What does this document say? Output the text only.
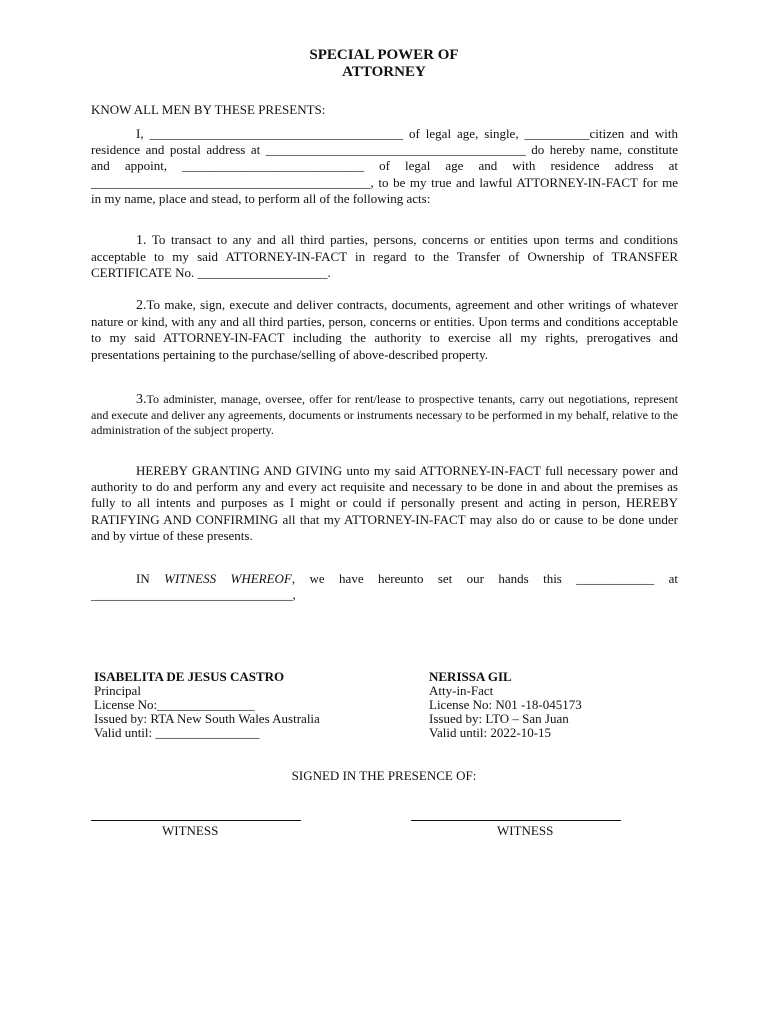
SPECIAL POWER OF
ATTORNEY
KNOW ALL MEN BY THESE PRESENTS:
I, _______________________________________ of legal age, single, __________citizen and with residence and postal address at ________________________________________ do hereby name, constitute and appoint, ____________________________ of legal age and with residence address at ___________________________________________, to be my true and lawful ATTORNEY-IN-FACT for me in my name, place and stead, to perform all of the following acts:
1. To transact to any and all third parties, persons, concerns or entities upon terms and conditions acceptable to my said ATTORNEY-IN-FACT in regard to the Transfer of Ownership of TRANSFER CERTIFICATE No. ____________________.
2.To make, sign, execute and deliver contracts, documents, agreement and other writings of whatever nature or kind, with any and all third parties, person, concerns or entities. Upon terms and conditions acceptable to my said ATTORNEY-IN-FACT including the authority to exercise all my rights, prerogatives and presentations pertaining to the purchase/selling of above-described property.
3.To administer, manage, oversee, offer for rent/lease to prospective tenants, carry out negotiations, represent and execute and deliver any agreements, documents or instruments necessary to be performed in my behalf, relative to the administration of the subject property.
HEREBY GRANTING AND GIVING unto my said ATTORNEY-IN-FACT full necessary power and authority to do and perform any and every act requisite and necessary to be done in and about the premises as fully to all intents and purposes as I might or could if personally present and acting in person, HEREBY RATIFYING AND CONFIRMING all that my ATTORNEY-IN-FACT may also do or cause to be done under and by virtue of these presents.
IN WITNESS WHEREOF, we have hereunto set our hands this ____________ at _______________________________,
ISABELITA DE JESUS CASTRO
Principal
License No:_______________
Issued by: RTA New South Wales Australia
Valid until: ________________
NERISSA GIL
Atty-in-Fact
License No: N01 -18-045173
Issued by: LTO – San Juan
Valid until: 2022-10-15
SIGNED IN THE PRESENCE OF:
WITNESS	WITNESS
